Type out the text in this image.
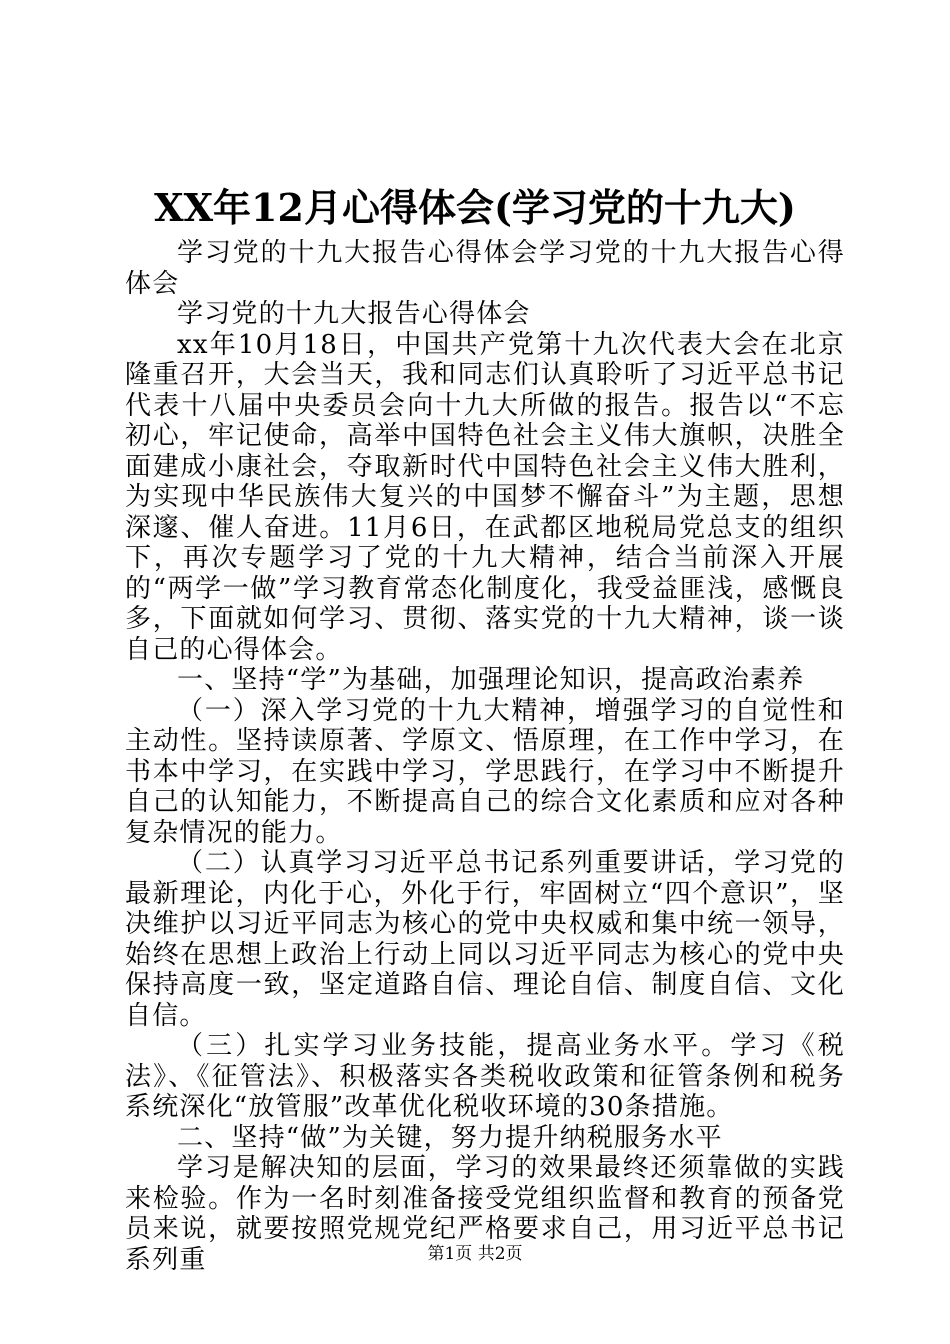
XX年12月心得体会(学习党的十九大)

学习党的十九大报告心得体会学习党的十九大报告心得体会

学习党的十九大报告心得体会

xx年10月18日，中国共产党第十九次代表大会在北京隆重召开，大会当天，我和同志们认真聆听了习近平总书记代表十八届中央委员会向十九大所做的报告。报告以“不忘初心，牢记使命，高举中国特色社会主义伟大旗帜，决胜全面建成小康社会，夺取新时代中国特色社会主义伟大胜利，为实现中华民族伟大复兴的中国梦不懈奋斗”为主题，思想深邃、催人奋进。11月6日，在武都区地税局党总支的组织下，再次专题学习了党的十九大精神，结合当前深入开展的“两学一做”学习教育常态化制度化，我受益匪浅，感慨良多，下面就如何学习、贯彻、落实党的十九大精神，谈一谈自己的心得体会。

一、坚持“学”为基础，加强理论知识，提高政治素养

（一）深入学习党的十九大精神，增强学习的自觉性和主动性。坚持读原著、学原文、悟原理，在工作中学习，在书本中学习，在实践中学习，学思践行，在学习中不断提升自己的认知能力，不断提高自己的综合文化素质和应对各种复杂情况的能力。

（二）认真学习习近平总书记系列重要讲话，学习党的最新理论，内化于心，外化于行，牢固树立“四个意识”，坚决维护以习近平同志为核心的党中央权威和集中统一领导，始终在思想上政治上行动上同以习近平同志为核心的党中央保持高度一致，坚定道路自信、理论自信、制度自信、文化自信。

（三）扎实学习业务技能，提高业务水平。学习《税法》、《征管法》、积极落实各类税收政策和征管条例和税务系统深化“放管服”改革优化税收环境的30条措施。

二、坚持“做”为关键，努力提升纳税服务水平

学习是解决知的层面，学习的效果最终还须靠做的实践来检验。作为一名时刻准备接受党组织监督和教育的预备党员来说，就要按照党规党纪严格要求自己，用习近平总书记系列重	第1页 共2页
